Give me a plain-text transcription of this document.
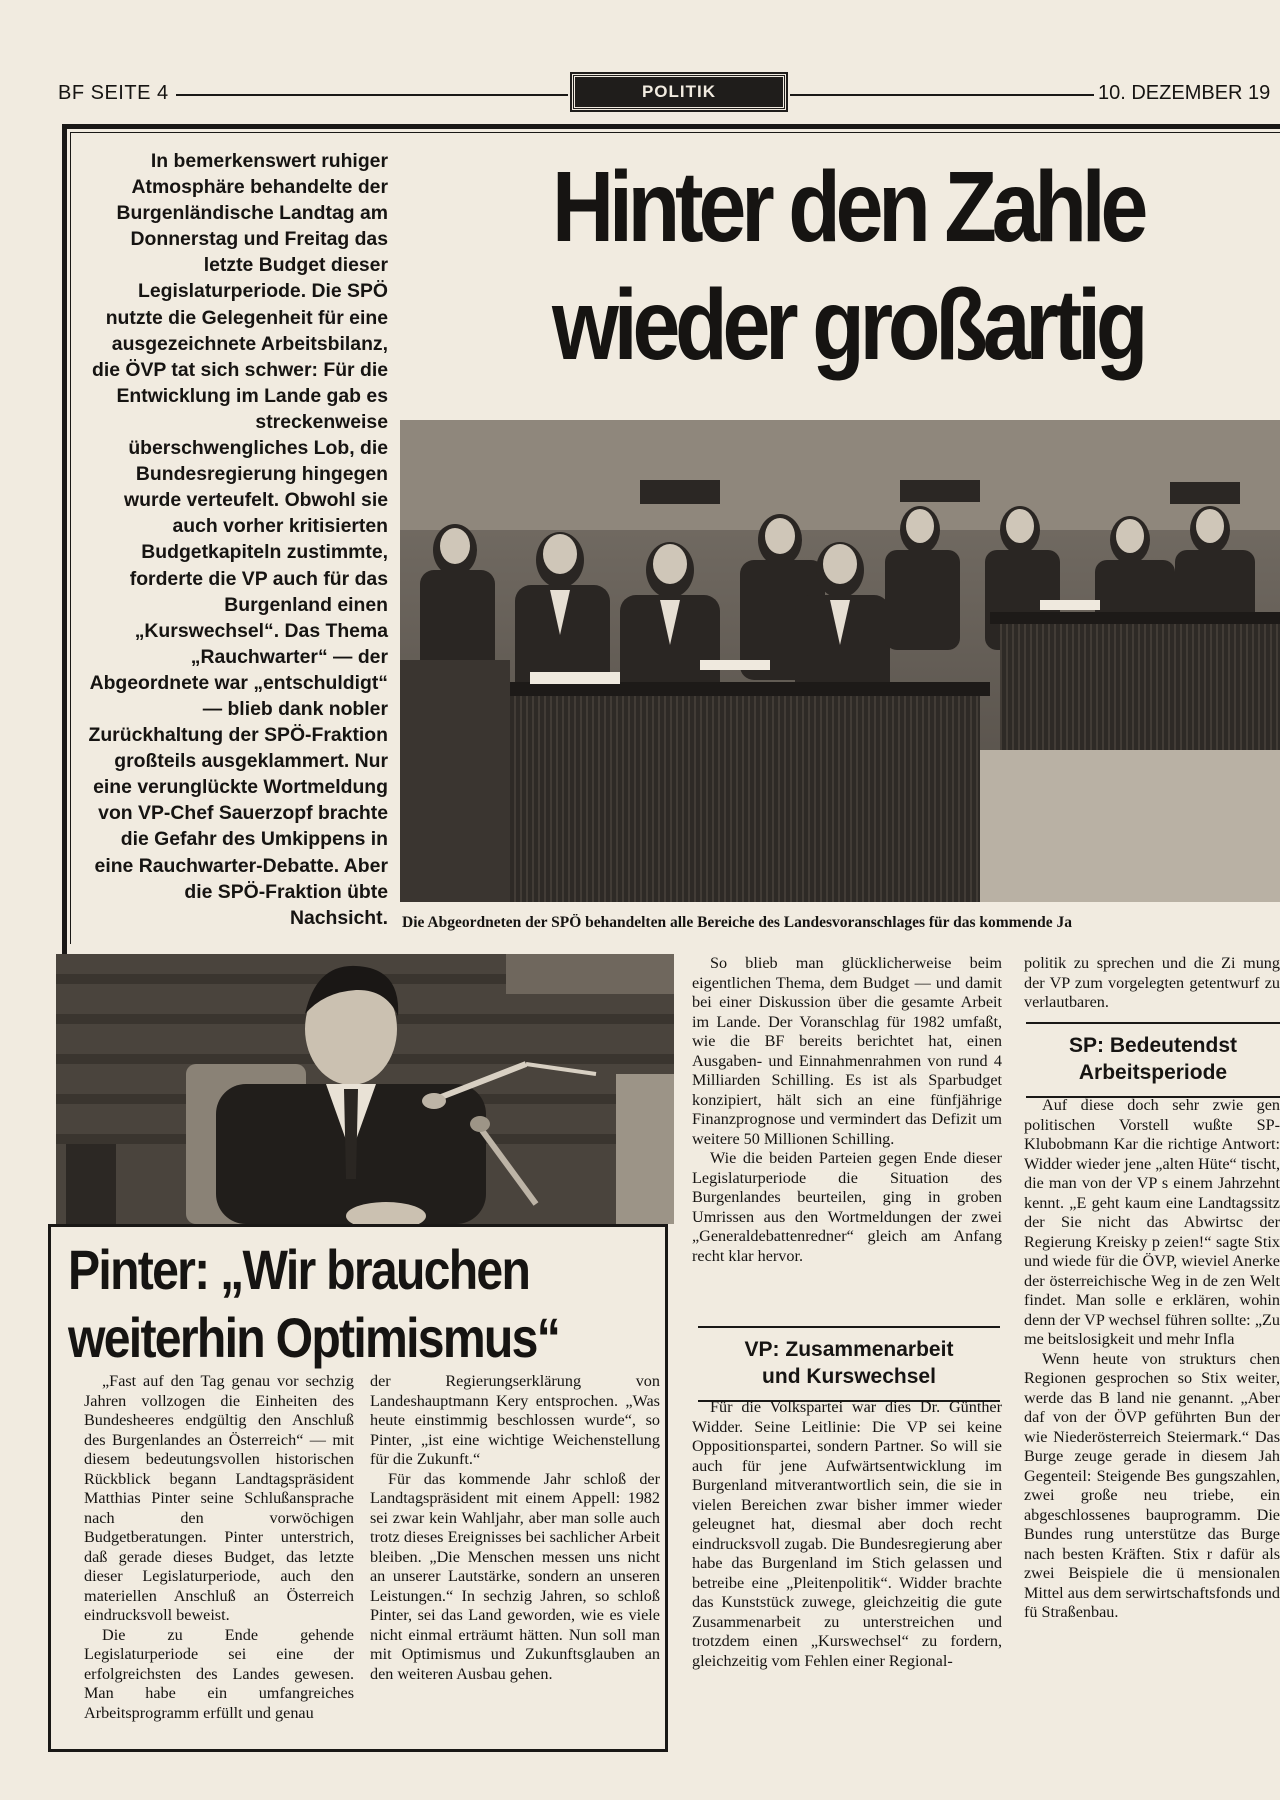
BF SEITE 4	POLITIK	10. DEZEMBER 19
In bemerkenswert ruhiger Atmosphäre behandelte der Burgenländische Landtag am Donnerstag und Freitag das letzte Budget dieser Legislaturperiode. Die SPÖ nutzte die Gelegenheit für eine ausgezeichnete Arbeitsbilanz, die ÖVP tat sich schwer: Für die Entwicklung im Lande gab es streckenweise überschwengliches Lob, die Bundesregierung hingegen wurde verteufelt. Obwohl sie auch vorher kritisierten Budgetkapiteln zustimmte, forderte die VP auch für das Burgenland einen „Kurswechsel“. Das Thema „Rauchwarter“ — der Abgeordnete war „entschuldigt“ — blieb dank nobler Zurückhaltung der SPÖ-Fraktion großteils ausgeklammert. Nur eine verunglückte Wortmeldung von VP-Chef Sauerzopf brachte die Gefahr des Umkippens in eine Rauchwarter-Debatte. Aber die SPÖ-Fraktion übte Nachsicht.
Hinter den Zahle
wieder großartig
Die Abgeordneten der SPÖ behandelten alle Bereiche des Landesvoranschlages für das kommende Ja
Pinter: „Wir brauchen
weiterhin Optimismus“

„Fast auf den Tag genau vor sechzig Jahren vollzogen die Einheiten des Bundesheeres endgültig den Anschluß des Burgenlandes an Österreich“ — mit diesem bedeutungsvollen historischen Rückblick begann Landtagspräsident Matthias Pinter seine Schlußansprache nach den vorwöchigen Budgetberatungen. Pinter unterstrich, daß gerade dieses Budget, das letzte dieser Legislaturperiode, auch den materiellen Anschluß an Österreich eindrucksvoll beweist.

Die zu Ende gehende Legislaturperiode sei eine der erfolgreichsten des Landes gewesen. Man habe ein umfangreiches Arbeitsprogramm erfüllt und genau

der Regierungserklärung von Landeshauptmann Kery entsprochen. „Was heute einstimmig beschlossen wurde“, so Pinter, „ist eine wichtige Weichenstellung für die Zukunft.“

Für das kommende Jahr schloß der Landtagspräsident mit einem Appell: 1982 sei zwar kein Wahljahr, aber man solle auch trotz dieses Ereignisses bei sachlicher Arbeit bleiben. „Die Menschen messen uns nicht an unserer Lautstärke, sondern an unseren Leistungen.“ In sechzig Jahren, so schloß Pinter, sei das Land geworden, wie es viele nicht einmal erträumt hätten. Nun soll man mit Optimismus und Zukunftsglauben an den weiteren Ausbau gehen.

So blieb man glücklicherweise beim eigentlichen Thema, dem Budget — und damit bei einer Diskussion über die gesamte Arbeit im Lande. Der Voranschlag für 1982 umfaßt, wie die BF bereits berichtet hat, einen Ausgaben- und Einnahmenrahmen von rund 4 Milliarden Schilling. Es ist als Sparbudget konzipiert, hält sich an eine fünfjährige Finanzprognose und vermindert das Defizit um weitere 50 Millionen Schilling.

Wie die beiden Parteien gegen Ende dieser Legislaturperiode die Situation des Burgenlandes beurteilen, ging in groben Umrissen aus den Wortmeldungen der zwei „Generaldebattenredner“ gleich am Anfang recht klar hervor.

VP: Zusammenarbeit
und Kurswechsel

Für die Volkspartei war dies Dr. Günther Widder. Seine Leitlinie: Die VP sei keine Oppositionspartei, sondern Partner. So will sie auch für jene Aufwärtsentwicklung im Burgenland mitverantwortlich sein, die sie in vielen Bereichen zwar bisher immer wieder geleugnet hat, diesmal aber doch recht eindrucksvoll zugab. Die Bundesregierung aber habe das Burgenland im Stich gelassen und betreibe eine „Pleitenpolitik“. Widder brachte das Kunststück zuwege, gleichzeitig die gute Zusammenarbeit zu unterstreichen und trotzdem einen „Kurswechsel“ zu fordern, gleichzeitig vom Fehlen einer Regional-

politik zu sprechen und die Zi mung der VP zum vorgelegten getentwurf zu verlautbaren.

SP: Bedeutendst
Arbeitsperiode

Auf diese doch sehr zwie gen politischen Vorstell wußte SP-Klubobmann Kar die richtige Antwort: Widder wieder jene „alten Hüte“ tischt, die man von der VP s einem Jahrzehnt kennt. „E geht kaum eine Landtagssitz der Sie nicht das Abwirtsc der Regierung Kreisky p zeien!“ sagte Stix und wiede für die ÖVP, wieviel Anerke der österreichische Weg in de zen Welt findet. Man solle e erklären, wohin denn der VP wechsel führen sollte: „Zu me beitslosigkeit und mehr Infla

Wenn heute von strukturs chen Regionen gesprochen so Stix weiter, werde das B land nie genannt. „Aber daf von der ÖVP geführten Bun der wie Niederösterreich Steiermark.“ Das Burge zeuge gerade in diesem Jah Gegenteil: Steigende Bes gungszahlen, zwei große neu triebe, ein abgeschlossenes bauprogramm. Die Bundes rung unterstütze das Burge nach besten Kräften. Stix r dafür als zwei Beispiele die ü mensionalen Mittel aus dem serwirtschaftsfonds und fü Straßenbau.
